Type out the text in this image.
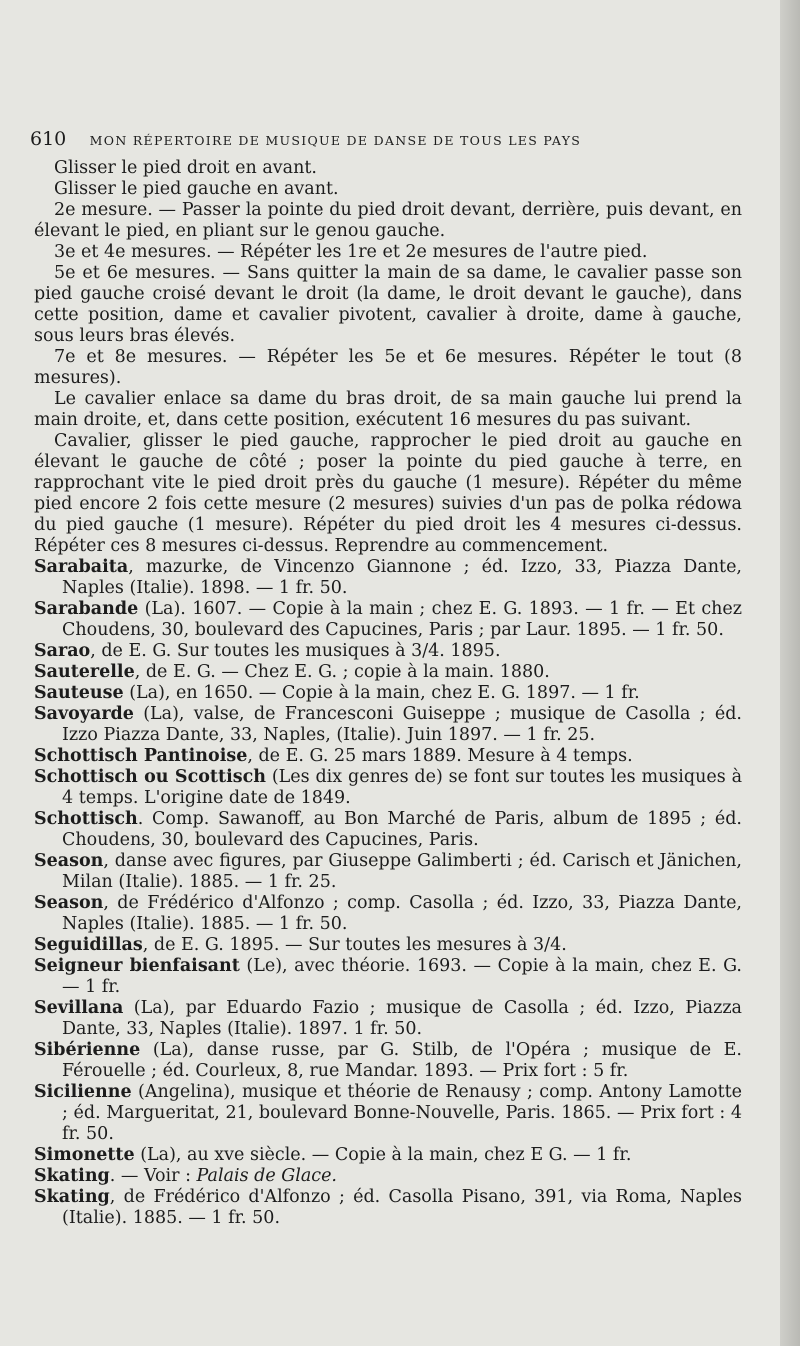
610 MON RÉPERTOIRE DE MUSIQUE DE DANSE DE TOUS LES PAYS

Glisser le pied droit en avant.

Glisser le pied gauche en avant.

2e mesure. — Passer la pointe du pied droit devant, derrière, puis devant, en élevant le pied, en pliant sur le genou gauche.

3e et 4e mesures. — Répéter les 1re et 2e mesures de l'autre pied.

5e et 6e mesures. — Sans quitter la main de sa dame, le cavalier passe son pied gauche croisé devant le droit (la dame, le droit devant le gauche), dans cette position, dame et cavalier pivotent, cavalier à droite, dame à gauche, sous leurs bras élevés.

7e et 8e mesures. — Répéter les 5e et 6e mesures. Répéter le tout (8 mesures).

Le cavalier enlace sa dame du bras droit, de sa main gauche lui prend la main droite, et, dans cette position, exécutent 16 mesures du pas suivant.

Cavalier, glisser le pied gauche, rapprocher le pied droit au gauche en élevant le gauche de côté ; poser la pointe du pied gauche à terre, en rapprochant vite le pied droit près du gauche (1 mesure). Répéter du même pied encore 2 fois cette mesure (2 mesures) suivies d'un pas de polka rédowa du pied gauche (1 mesure). Répéter du pied droit les 4 mesures ci-dessus. Répéter ces 8 mesures ci-dessus. Reprendre au commencement.

Sarabaita, mazurke, de Vincenzo Giannone ; éd. Izzo, 33, Piazza Dante, Naples (Italie). 1898. — 1 fr. 50.

Sarabande (La). 1607. — Copie à la main ; chez E. G. 1893. — 1 fr. — Et chez Choudens, 30, boulevard des Capucines, Paris ; par Laur. 1895. — 1 fr. 50.

Sarao, de E. G. Sur toutes les musiques à 3/4. 1895.

Sauterelle, de E. G. — Chez E. G. ; copie à la main. 1880.

Sauteuse (La), en 1650. — Copie à la main, chez E. G. 1897. — 1 fr.

Savoyarde (La), valse, de Francesconi Guiseppe ; musique de Casolla ; éd. Izzo Piazza Dante, 33, Naples, (Italie). Juin 1897. — 1 fr. 25.

Schottisch Pantinoise, de E. G. 25 mars 1889. Mesure à 4 temps.

Schottisch ou Scottisch (Les dix genres de) se font sur toutes les musiques à 4 temps. L'origine date de 1849.

Schottisch. Comp. Sawanoff, au Bon Marché de Paris, album de 1895 ; éd. Choudens, 30, boulevard des Capucines, Paris.

Season, danse avec figures, par Giuseppe Galimberti ; éd. Carisch et Jänichen, Milan (Italie). 1885. — 1 fr. 25.

Season, de Frédérico d'Alfonzo ; comp. Casolla ; éd. Izzo, 33, Piazza Dante, Naples (Italie). 1885. — 1 fr. 50.

Seguidillas, de E. G. 1895. — Sur toutes les mesures à 3/4.

Seigneur bienfaisant (Le), avec théorie. 1693. — Copie à la main, chez E. G. — 1 fr.

Sevillana (La), par Eduardo Fazio ; musique de Casolla ; éd. Izzo, Piazza Dante, 33, Naples (Italie). 1897. 1 fr. 50.

Sibérienne (La), danse russe, par G. Stilb, de l'Opéra ; musique de E. Férouelle ; éd. Courleux, 8, rue Mandar. 1893. — Prix fort : 5 fr.

Sicilienne (Angelina), musique et théorie de Renausy ; comp. Antony Lamotte ; éd. Margueritat, 21, boulevard Bonne-Nouvelle, Paris. 1865. — Prix fort : 4 fr. 50.

Simonette (La), au xve siècle. — Copie à la main, chez E G. — 1 fr.

Skating. — Voir : Palais de Glace.

Skating, de Frédérico d'Alfonzo ; éd. Casolla Pisano, 391, via Roma, Naples (Italie). 1885. — 1 fr. 50.
